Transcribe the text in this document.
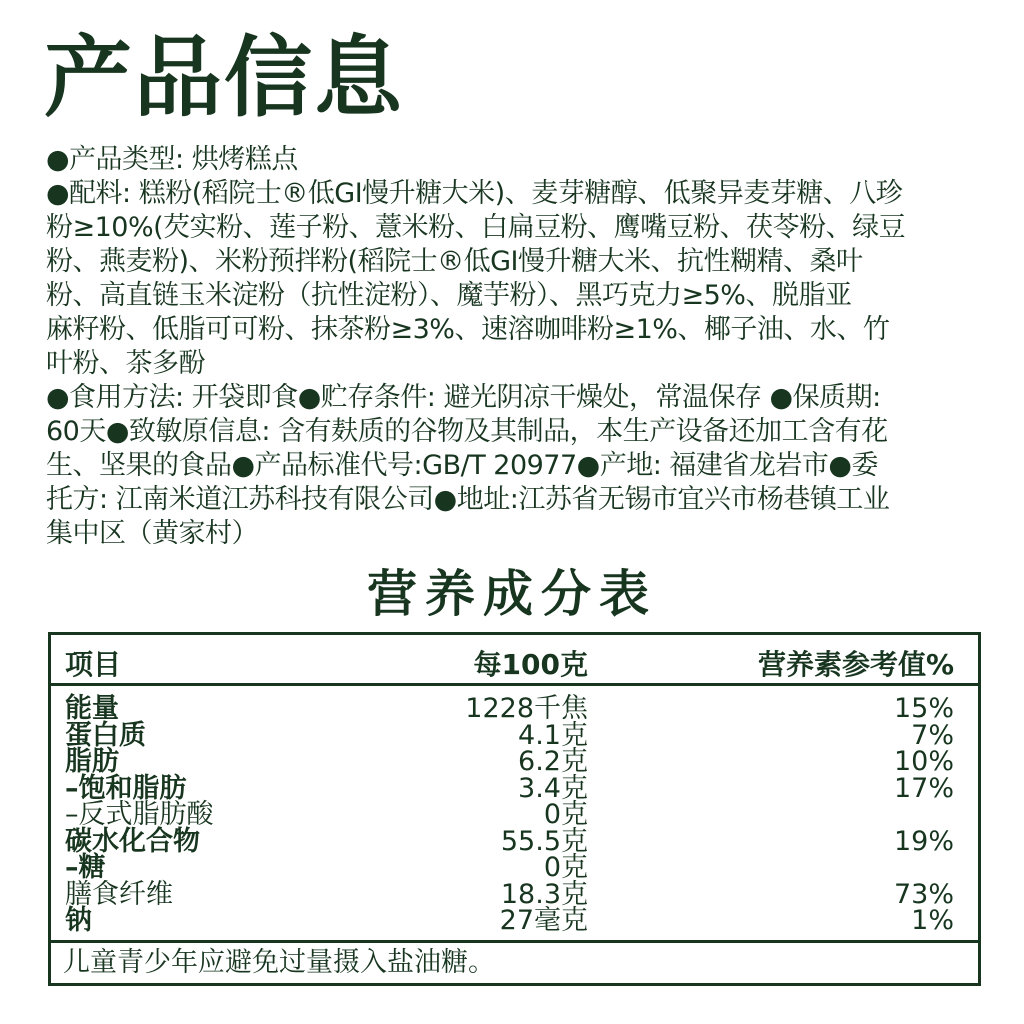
产品信息
●产品类型: 烘烤糕点
●配料: 糕粉(稻院士®低GI慢升糖大米)、麦芽糖醇、低聚异麦芽糖、八珍
粉≥10%(芡实粉、莲子粉、薏米粉、白扁豆粉、鹰嘴豆粉、茯苓粉、绿豆
粉、燕麦粉)、米粉预拌粉(稻院士®低GI慢升糖大米、抗性糊精、桑叶
粉、高直链玉米淀粉（抗性淀粉）、魔芋粉）、黑巧克力≥5%、脱脂亚
麻籽粉、低脂可可粉、抹茶粉≥3%、速溶咖啡粉≥1%、椰子油、水、竹
叶粉、茶多酚
●食用方法: 开袋即食●贮存条件: 避光阴凉干燥处，常温保存 ●保质期:
60天●致敏原信息: 含有麸质的谷物及其制品，本生产设备还加工含有花
生、坚果的食品●产品标准代号:GB/T 20977●产地: 福建省龙岩市●委
托方: 江南米道江苏科技有限公司●地址:江苏省无锡市宜兴市杨巷镇工业
集中区（黄家村）
营养成分表
项目	每100克	营养素参考值%
能量	1228千焦	15%
蛋白质	4.1克	7%
脂肪	6.2克	10%
–饱和脂肪	3.4克	17%
–反式脂肪酸	0克
碳水化合物	55.5克	19%
–糖	0克
膳食纤维	18.3克	73%
钠	27毫克	1%
儿童青少年应避免过量摄入盐油糖。
